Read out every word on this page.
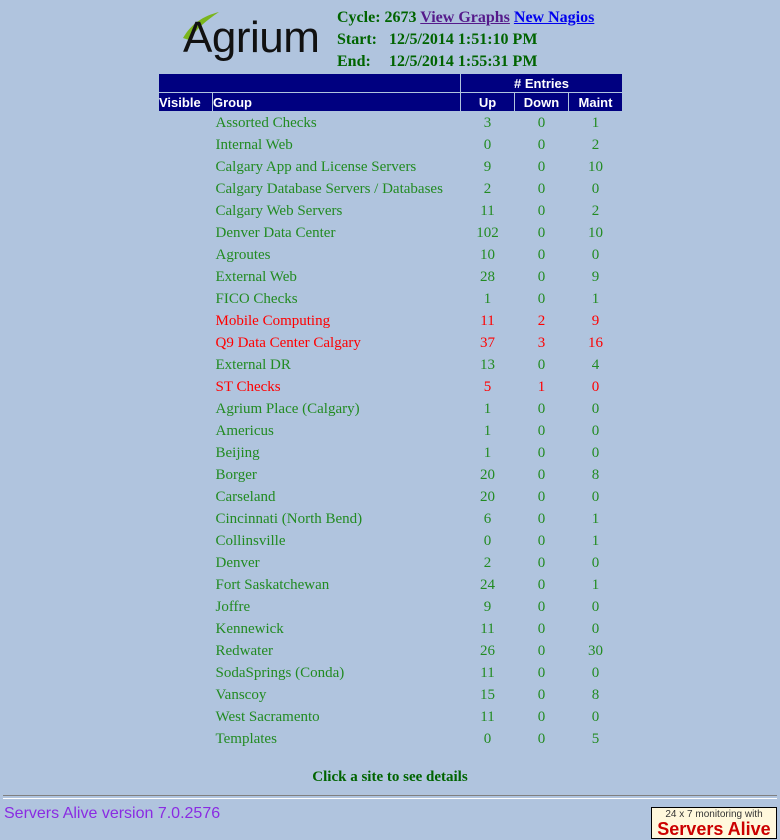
Agrium Cycle: 2673 View Graphs New Nagios
Start: 12/5/2014 1:51:10 PM
End: 12/5/2014 1:55:31 PM
		# Entries		
Visible	Group	Up	Down	Maint
	Assorted Checks	3	0	1
	Internal Web	0	0	2
	Calgary App and License Servers	9	0	10
	Calgary Database Servers / Databases	2	0	0
	Calgary Web Servers	11	0	2
	Denver Data Center	102	0	10
	Agroutes	10	0	0
	External Web	28	0	9
	FICO Checks	1	0	1
	Mobile Computing	11	2	9
	Q9 Data Center Calgary	37	3	16
	External DR	13	0	4
	ST Checks	5	1	0
	Agrium Place (Calgary)	1	0	0
	Americus	1	0	0
	Beijing	1	0	0
	Borger	20	0	8
	Carseland	20	0	0
	Cincinnati (North Bend)	6	0	1
	Collinsville	0	0	1
	Denver	2	0	0
	Fort Saskatchewan	24	0	1
	Joffre	9	0	0
	Kennewick	11	0	0
	Redwater	26	0	30
	SodaSprings (Conda)	11	0	0
	Vanscoy	15	0	8
	West Sacramento	11	0	0
	Templates	0	0	5
Click a site to see details
Servers Alive version 7.0.2576	24 x 7 monitoring with
Servers Alive
